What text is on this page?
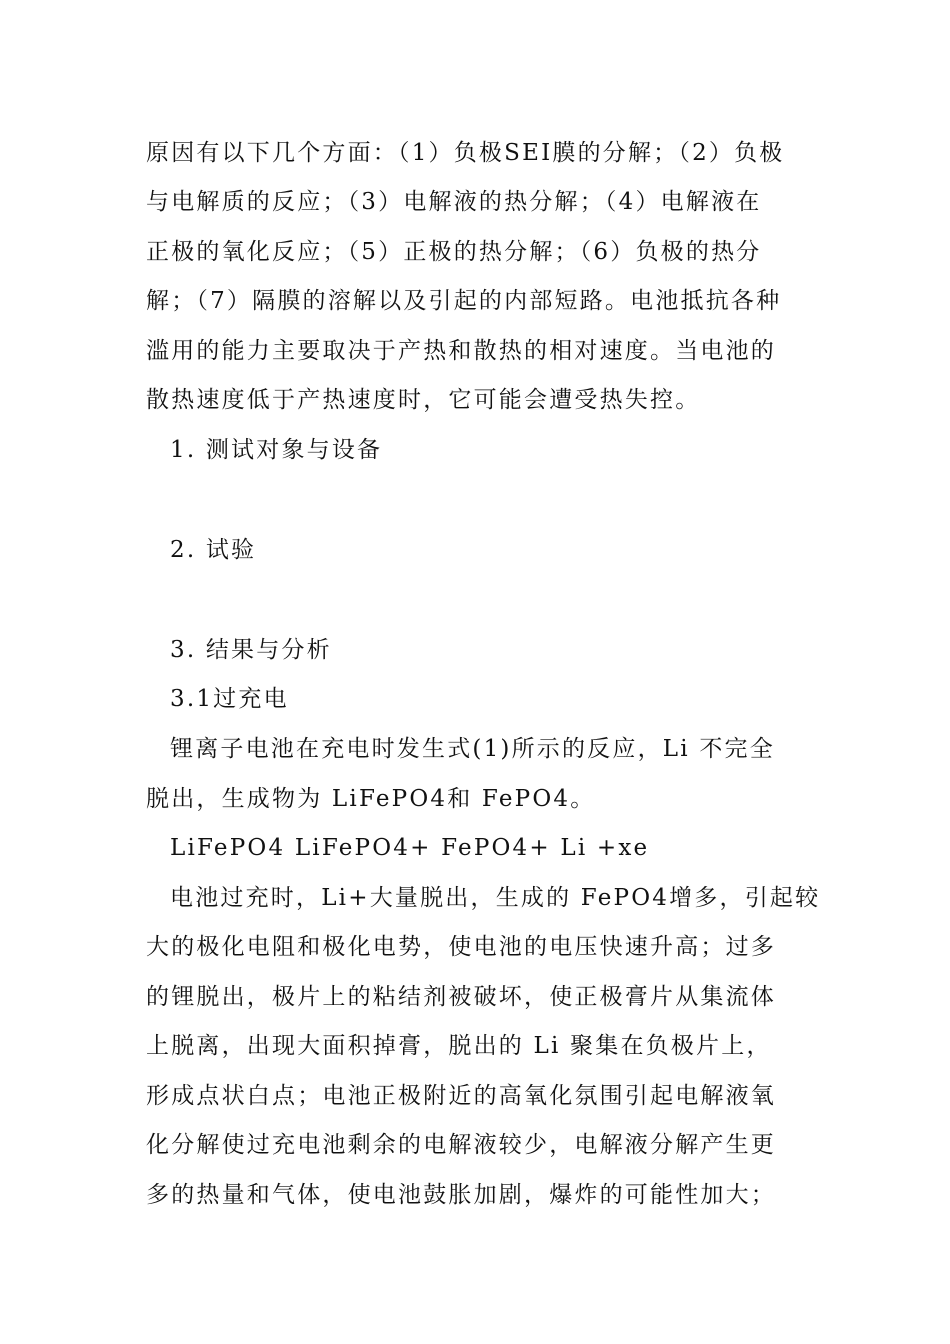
原因有以下几个方面：（1）负极SEI膜的分解；（2）负极
与电解质的反应；（3）电解液的热分解；（4）电解液在
正极的氧化反应；（5）正极的热分解；（6）负极的热分
解；（7）隔膜的溶解以及引起的内部短路。电池抵抗各种
滥用的能力主要取决于产热和散热的相对速度。当电池的
散热速度低于产热速度时，它可能会遭受热失控。
1. 测试对象与设备
2. 试验
3. 结果与分析
3.1过充电
锂离子电池在充电时发生式(1)所示的反应，Li 不完全
脱出，生成物为 LiFePO4和 FePO4。
LiFePO4 LiFePO4+ FePO4+ Li +xe
电池过充时，Li+大量脱出，生成的 FePO4增多，引起较
大的极化电阻和极化电势，使电池的电压快速升高；过多
的锂脱出，极片上的粘结剂被破坏，使正极膏片从集流体
上脱离，出现大面积掉膏，脱出的 Li 聚集在负极片上，
形成点状白点；电池正极附近的高氧化氛围引起电解液氧
化分解使过充电池剩余的电解液较少，电解液分解产生更
多的热量和气体，使电池鼓胀加剧，爆炸的可能性加大；
